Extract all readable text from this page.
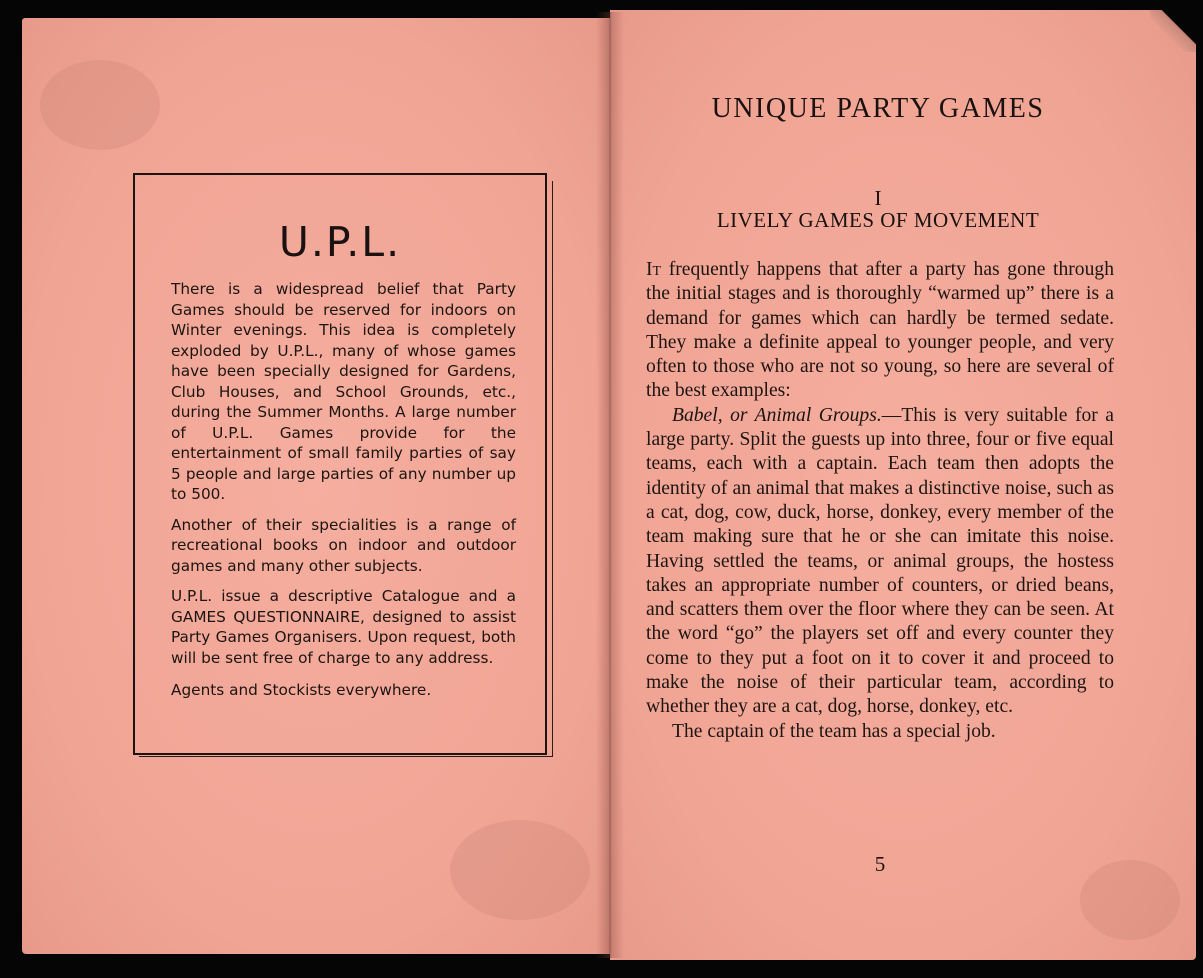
U.P.L.

There is a widespread belief that Party Games should be reserved for indoors on Winter evenings. This idea is completely exploded by U.P.L., many of whose games have been specially designed for Gardens, Club Houses, and School Grounds, etc., during the Summer Months. A large number of U.P.L. Games provide for the entertainment of small family parties of say 5 people and large parties of any number up to 500.

Another of their specialities is a range of recreational books on indoor and outdoor games and many other subjects.

U.P.L. issue a descriptive Catalogue and a GAMES QUESTIONNAIRE, designed to assist Party Games Organisers. Upon request, both will be sent free of charge to any address.

Agents and Stockists everywhere.

UNIQUE PARTY GAMES
I
LIVELY GAMES OF MOVEMENT

It frequently happens that after a party has gone through the initial stages and is thoroughly “warmed up” there is a demand for games which can hardly be termed sedate. They make a definite appeal to younger people, and very often to those who are not so young, so here are several of the best examples:

Babel, or Animal Groups.—This is very suitable for a large party. Split the guests up into three, four or five equal teams, each with a captain. Each team then adopts the identity of an animal that makes a distinctive noise, such as a cat, dog, cow, duck, horse, donkey, every member of the team making sure that he or she can imitate this noise. Having settled the teams, or animal groups, the hostess takes an appropriate number of counters, or dried beans, and scatters them over the floor where they can be seen. At the word “go” the players set off and every counter they come to they put a foot on it to cover it and proceed to make the noise of their particular team, according to whether they are a cat, dog, horse, donkey, etc.

The captain of the team has a special job.

5
